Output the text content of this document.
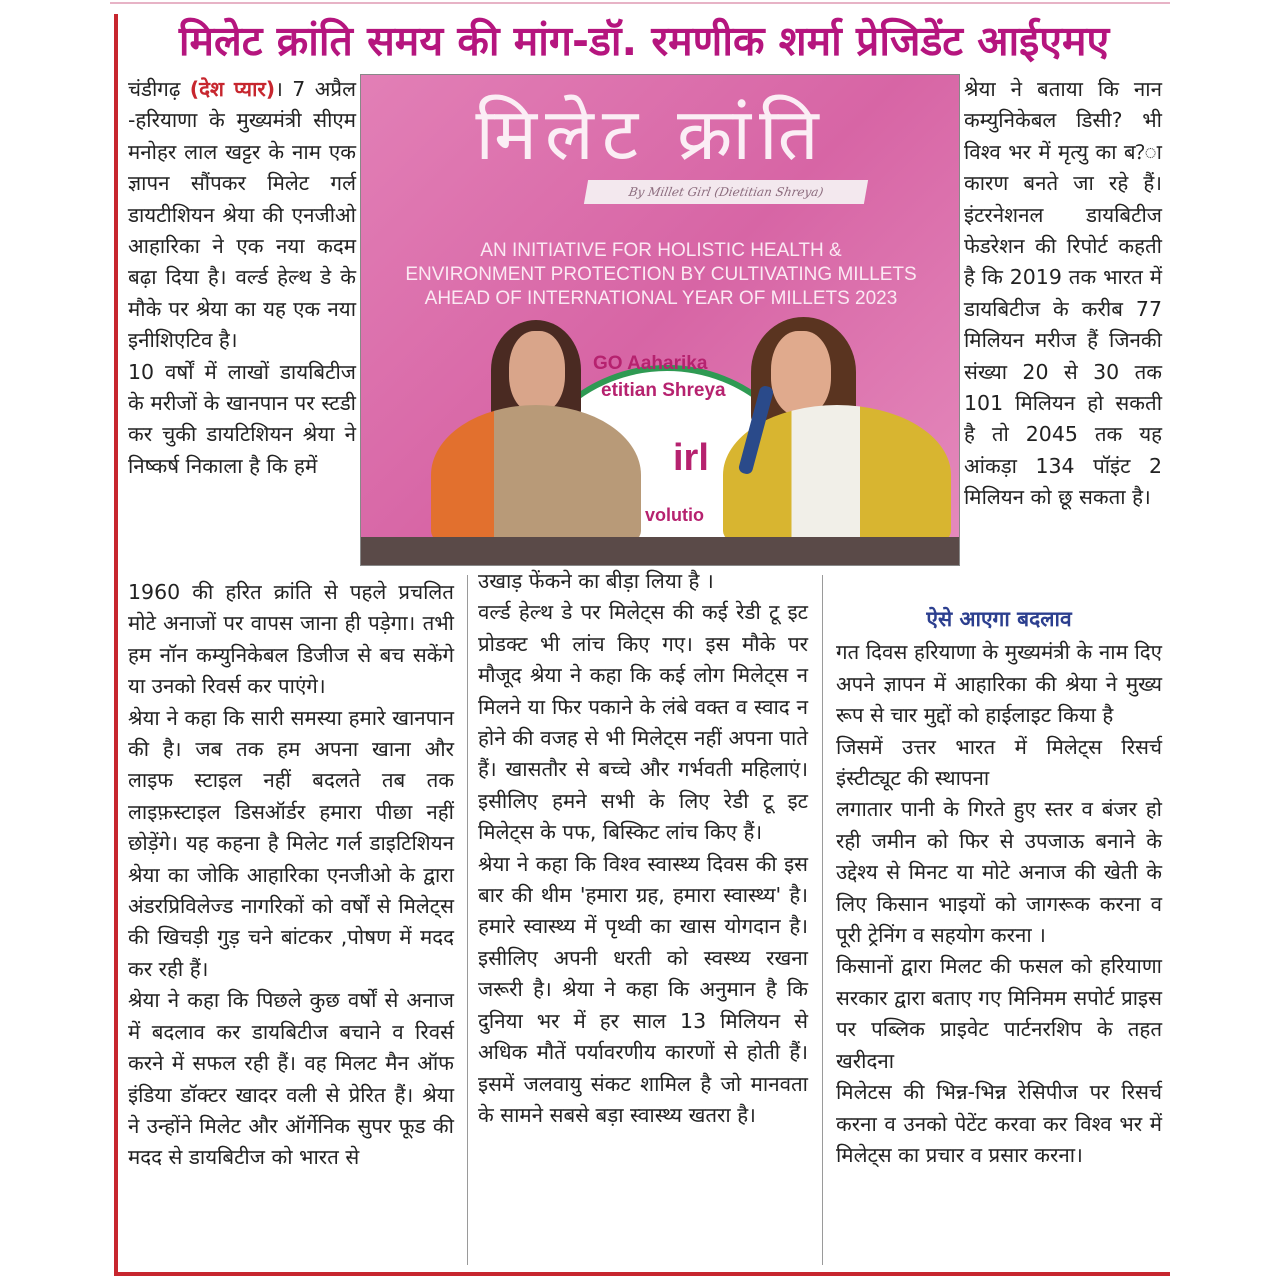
मिलेट क्रांति समय की मांग-डॉ. रमणीक शर्मा प्रेजिडेंट आईएमए

चंडीगढ़ (देश प्यार)। 7 अप्रैल -हरियाणा के मुख्यमंत्री सीएम मनोहर लाल खट्टर के नाम एक ज्ञापन सौंपकर मिलेट गर्ल डायटीशियन श्रेया की एनजीओ आहारिका ने एक नया कदम बढ़ा दिया है। वर्ल्ड हेल्थ डे के मौके पर श्रेया का यह एक नया इनीशिएटिव है।

10 वर्षों में लाखों डायबिटीज के मरीजों के खानपान पर स्टडी कर चुकी डायटिशियन श्रेया ने निष्कर्ष निकाला है कि हमें

मिलेट क्रांति
By Millet Girl (Dietitian Shreya)
AN INITIATIVE FOR HOLISTIC HEALTH &
ENVIRONMENT PROTECTION BY CULTIVATING MILLETS
AHEAD OF INTERNATIONAL YEAR OF MILLETS 2023
GO Aaharika
etitian Shreya
irl
volutio

श्रेया ने बताया कि नान कम्युनिकेबल डिसी? भी विश्व भर में मृत्यु का ब?ा कारण बनते जा रहे हैं। इंटरनेशनल डायबिटीज फेडरेशन की रिपोर्ट कहती है कि 2019 तक भारत में डायबिटीज के करीब 77 मिलियन मरीज हैं जिनकी संख्या 20 से 30 तक 101 मिलियन हो सकती है तो 2045 तक यह आंकड़ा 134 पॉइंट 2 मिलियन को छू सकता है।

1960 की हरित क्रांति से पहले प्रचलित मोटे अनाजों पर वापस जाना ही पड़ेगा। तभी हम नॉन कम्युनिकेबल डिजीज से बच सकेंगे या उनको रिवर्स कर पाएंगे।

श्रेया ने कहा कि सारी समस्या हमारे खानपान की है। जब तक हम अपना खाना और लाइफ स्टाइल नहीं बदलते तब तक लाइफ़स्टाइल डिसऑर्डर हमारा पीछा नहीं छोड़ेंगे। यह कहना है मिलेट गर्ल डाइटिशियन श्रेया का जोकि आहारिका एनजीओ के द्वारा अंडरप्रिविलेज्ड नागरिकों को वर्षों से मिलेट्स की खिचड़ी गुड़ चने बांटकर ,पोषण में मदद कर रही हैं।

श्रेया ने कहा कि पिछले कुछ वर्षों से अनाज में बदलाव कर डायबिटीज बचाने व रिवर्स करने में सफल रही हैं। वह मिलट मैन ऑफ इंडिया डॉक्टर खादर वली से प्रेरित हैं। श्रेया ने उन्होंने मिलेट और ऑर्गेनिक सुपर फूड की मदद से डायबिटीज को भारत से

उखाड़ फेंकने का बीड़ा लिया है ।

वर्ल्ड हेल्थ डे पर मिलेट्स की कई रेडी टू इट प्रोडक्ट भी लांच किए गए। इस मौके पर मौजूद श्रेया ने कहा कि कई लोग मिलेट्स न मिलने या फिर पकाने के लंबे वक्त व स्वाद न होने की वजह से भी मिलेट्स नहीं अपना पाते हैं। खासतौर से बच्चे और गर्भवती महिलाएं। इसीलिए हमने सभी के लिए रेडी टू इट मिलेट्स के पफ, बिस्किट लांच किए हैं।

श्रेया ने कहा कि विश्व स्वास्थ्य दिवस की इस बार की थीम 'हमारा ग्रह, हमारा स्वास्थ्य' है। हमारे स्वास्थ्य में पृथ्वी का खास योगदान है। इसीलिए अपनी धरती को स्वस्थ्य रखना जरूरी है। श्रेया ने कहा कि अनुमान है कि दुनिया भर में हर साल 13 मिलियन से अधिक मौतें पर्यावरणीय कारणों से होती हैं। इसमें जलवायु संकट शामिल है जो मानवता के सामने सबसे बड़ा स्वास्थ्य खतरा है।

ऐसे आएगा बदलाव

गत दिवस हरियाणा के मुख्यमंत्री के नाम दिए अपने ज्ञापन में आहारिका की श्रेया ने मुख्य रूप से चार मुद्दों को हाईलाइट किया है

जिसमें उत्तर भारत में मिलेट्स रिसर्च इंस्टीट्यूट की स्थापना

लगातार पानी के गिरते हुए स्तर व बंजर हो रही जमीन को फिर से उपजाऊ बनाने के उद्देश्य से मिनट या मोटे अनाज की खेती के लिए किसान भाइयों को जागरूक करना व पूरी ट्रेनिंग व सहयोग करना ।

किसानों द्वारा मिलट की फसल को हरियाणा सरकार द्वारा बताए गए मिनिमम सपोर्ट प्राइस पर पब्लिक प्राइवेट पार्टनरशिप के तहत खरीदना

मिलेटस की भिन्न-भिन्न रेसिपीज पर रिसर्च करना व उनको पेटेंट करवा कर विश्व भर में मिलेट्स का प्रचार व प्रसार करना।
